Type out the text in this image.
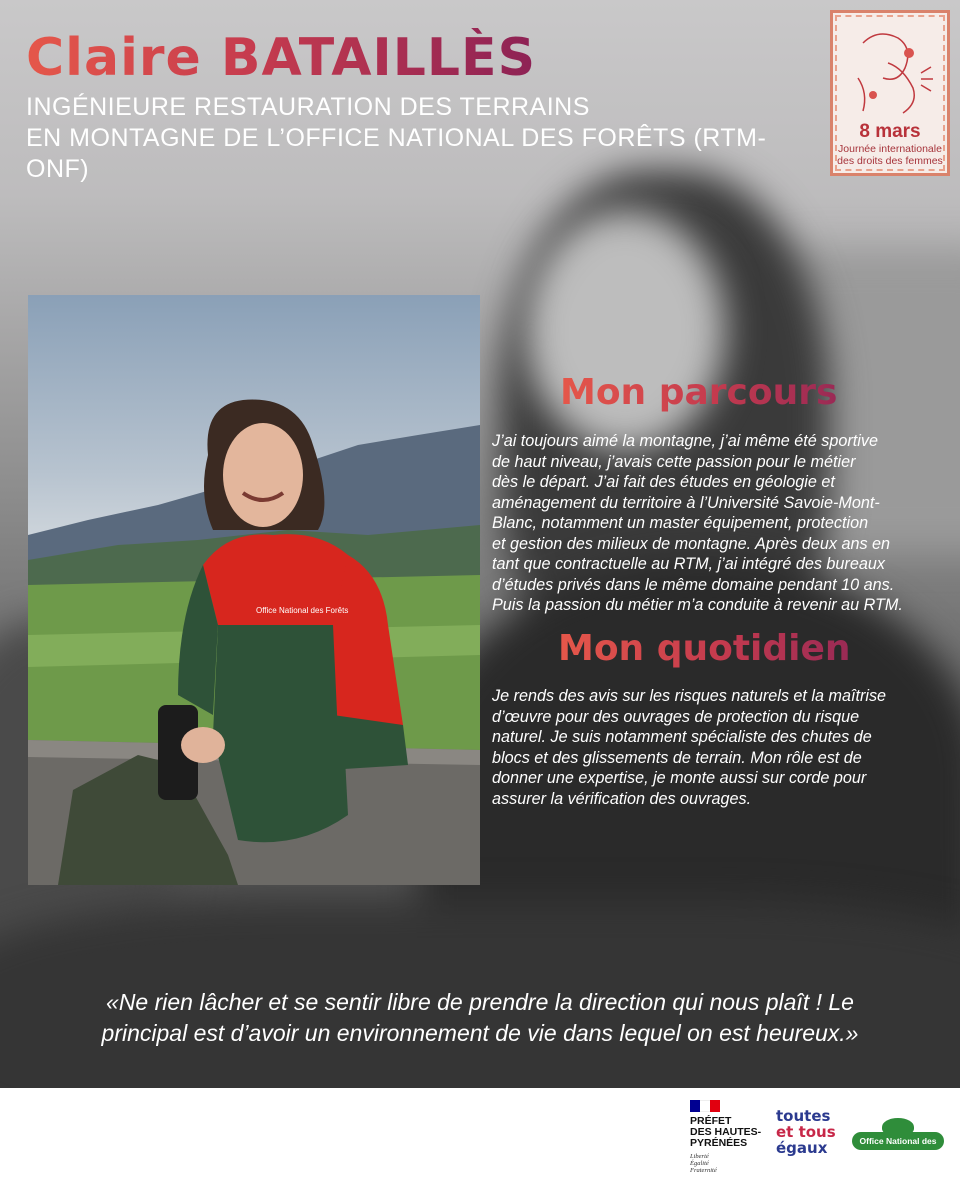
Claire BATAILLÈS
INGÉNIEURE RESTAURATION DES TERRAINS
EN MONTAGNE DE L’OFFICE NATIONAL DES FORÊTS (RTM-ONF)
Office National des Forêts
Mon parcours
J’ai toujours aimé la montagne, j’ai même été sportive
de haut niveau, j’avais cette passion pour le métier
dès le départ. J’ai fait des études en géologie et
aménagement du territoire à l’Université Savoie-Mont-
Blanc, notamment un master équipement, protection
et gestion des milieux de montagne. Après deux ans en
tant que contractuelle au RTM, j’ai intégré des bureaux
d’études privés dans le même domaine pendant 10 ans.
Puis la passion du métier m’a conduite à revenir au RTM.
Mon quotidien
Je rends des avis sur les risques naturels et la maîtrise
d’œuvre pour des ouvrages de protection du risque
naturel. Je suis notamment spécialiste des chutes de
blocs et des glissements de terrain. Mon rôle est de
donner une expertise, je monte aussi sur corde pour
assurer la vérification des ouvrages.
«Ne rien lâcher et se sentir libre de prendre la direction qui nous plaît ! Le
principal est d’avoir un environnement de vie dans lequel on est heureux.»
8 mars
Journée internationale
des droits des femmes
PRÉFET
DES HAUTES-
PYRÉNÉES
Liberté
Égalité
Fraternité
toutes
et tous
égaux	Office National des Forêts
